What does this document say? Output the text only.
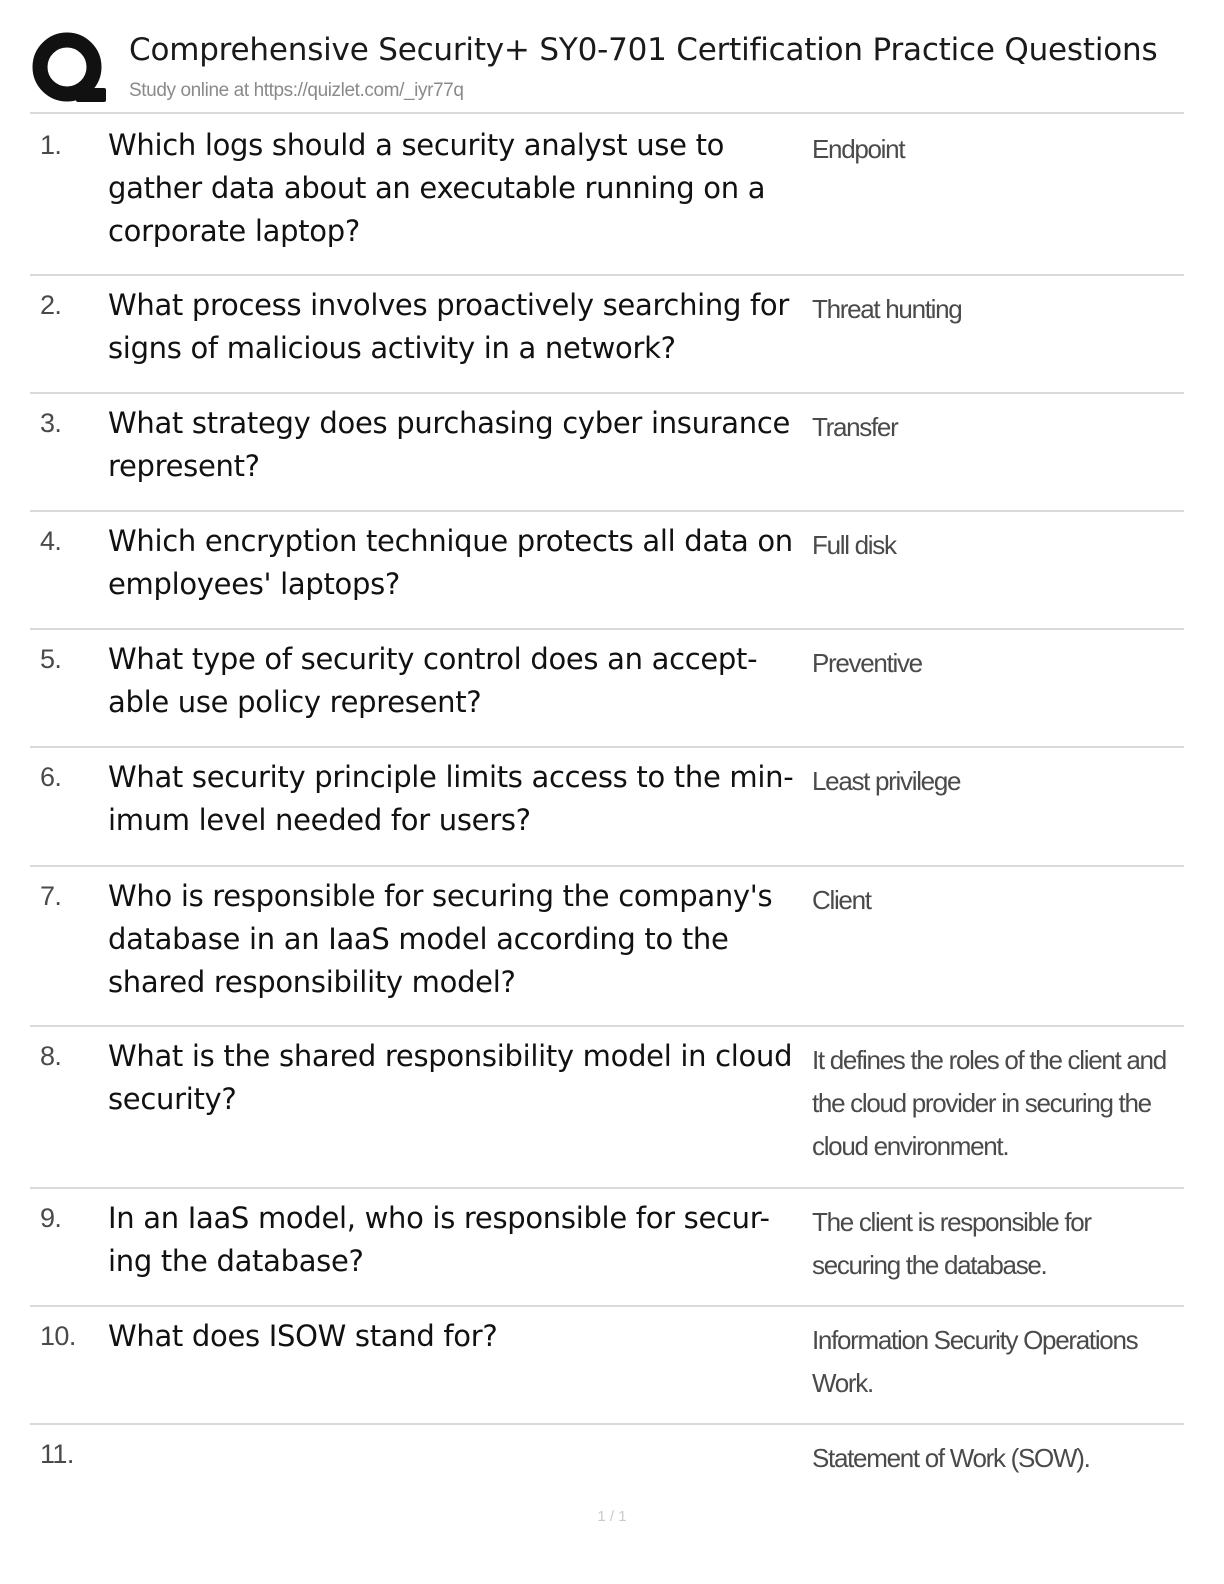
Comprehensive Security+ SY0-701 Certification Practice Questions
Study online at https://quizlet.com/_iyr77q
1. Which logs should a security analyst use to gather data about an executable running on a corporate laptop?
Endpoint
2. What process involves proactively searching for signs of malicious activity in a network?
Threat hunting
3. What strategy does purchasing cyber insurance represent?
Transfer
4. Which encryption technique protects all data on employees' laptops?
Full disk
5. What type of security control does an accept-able use policy represent?
Preventive
6. What security principle limits access to the min-imum level needed for users?
Least privilege
7. Who is responsible for securing the company's database in an IaaS model according to the shared responsibility model?
Client
8. What is the shared responsibility model in cloud security?
It defines the roles of the client and the cloud provider in securing the cloud environment.
9. In an IaaS model, who is responsible for secur-ing the database?
The client is responsible for securing the database.
10. What does ISOW stand for?	Information Security Operations Work.
11.	Statement of Work (SOW).
1 / 1
